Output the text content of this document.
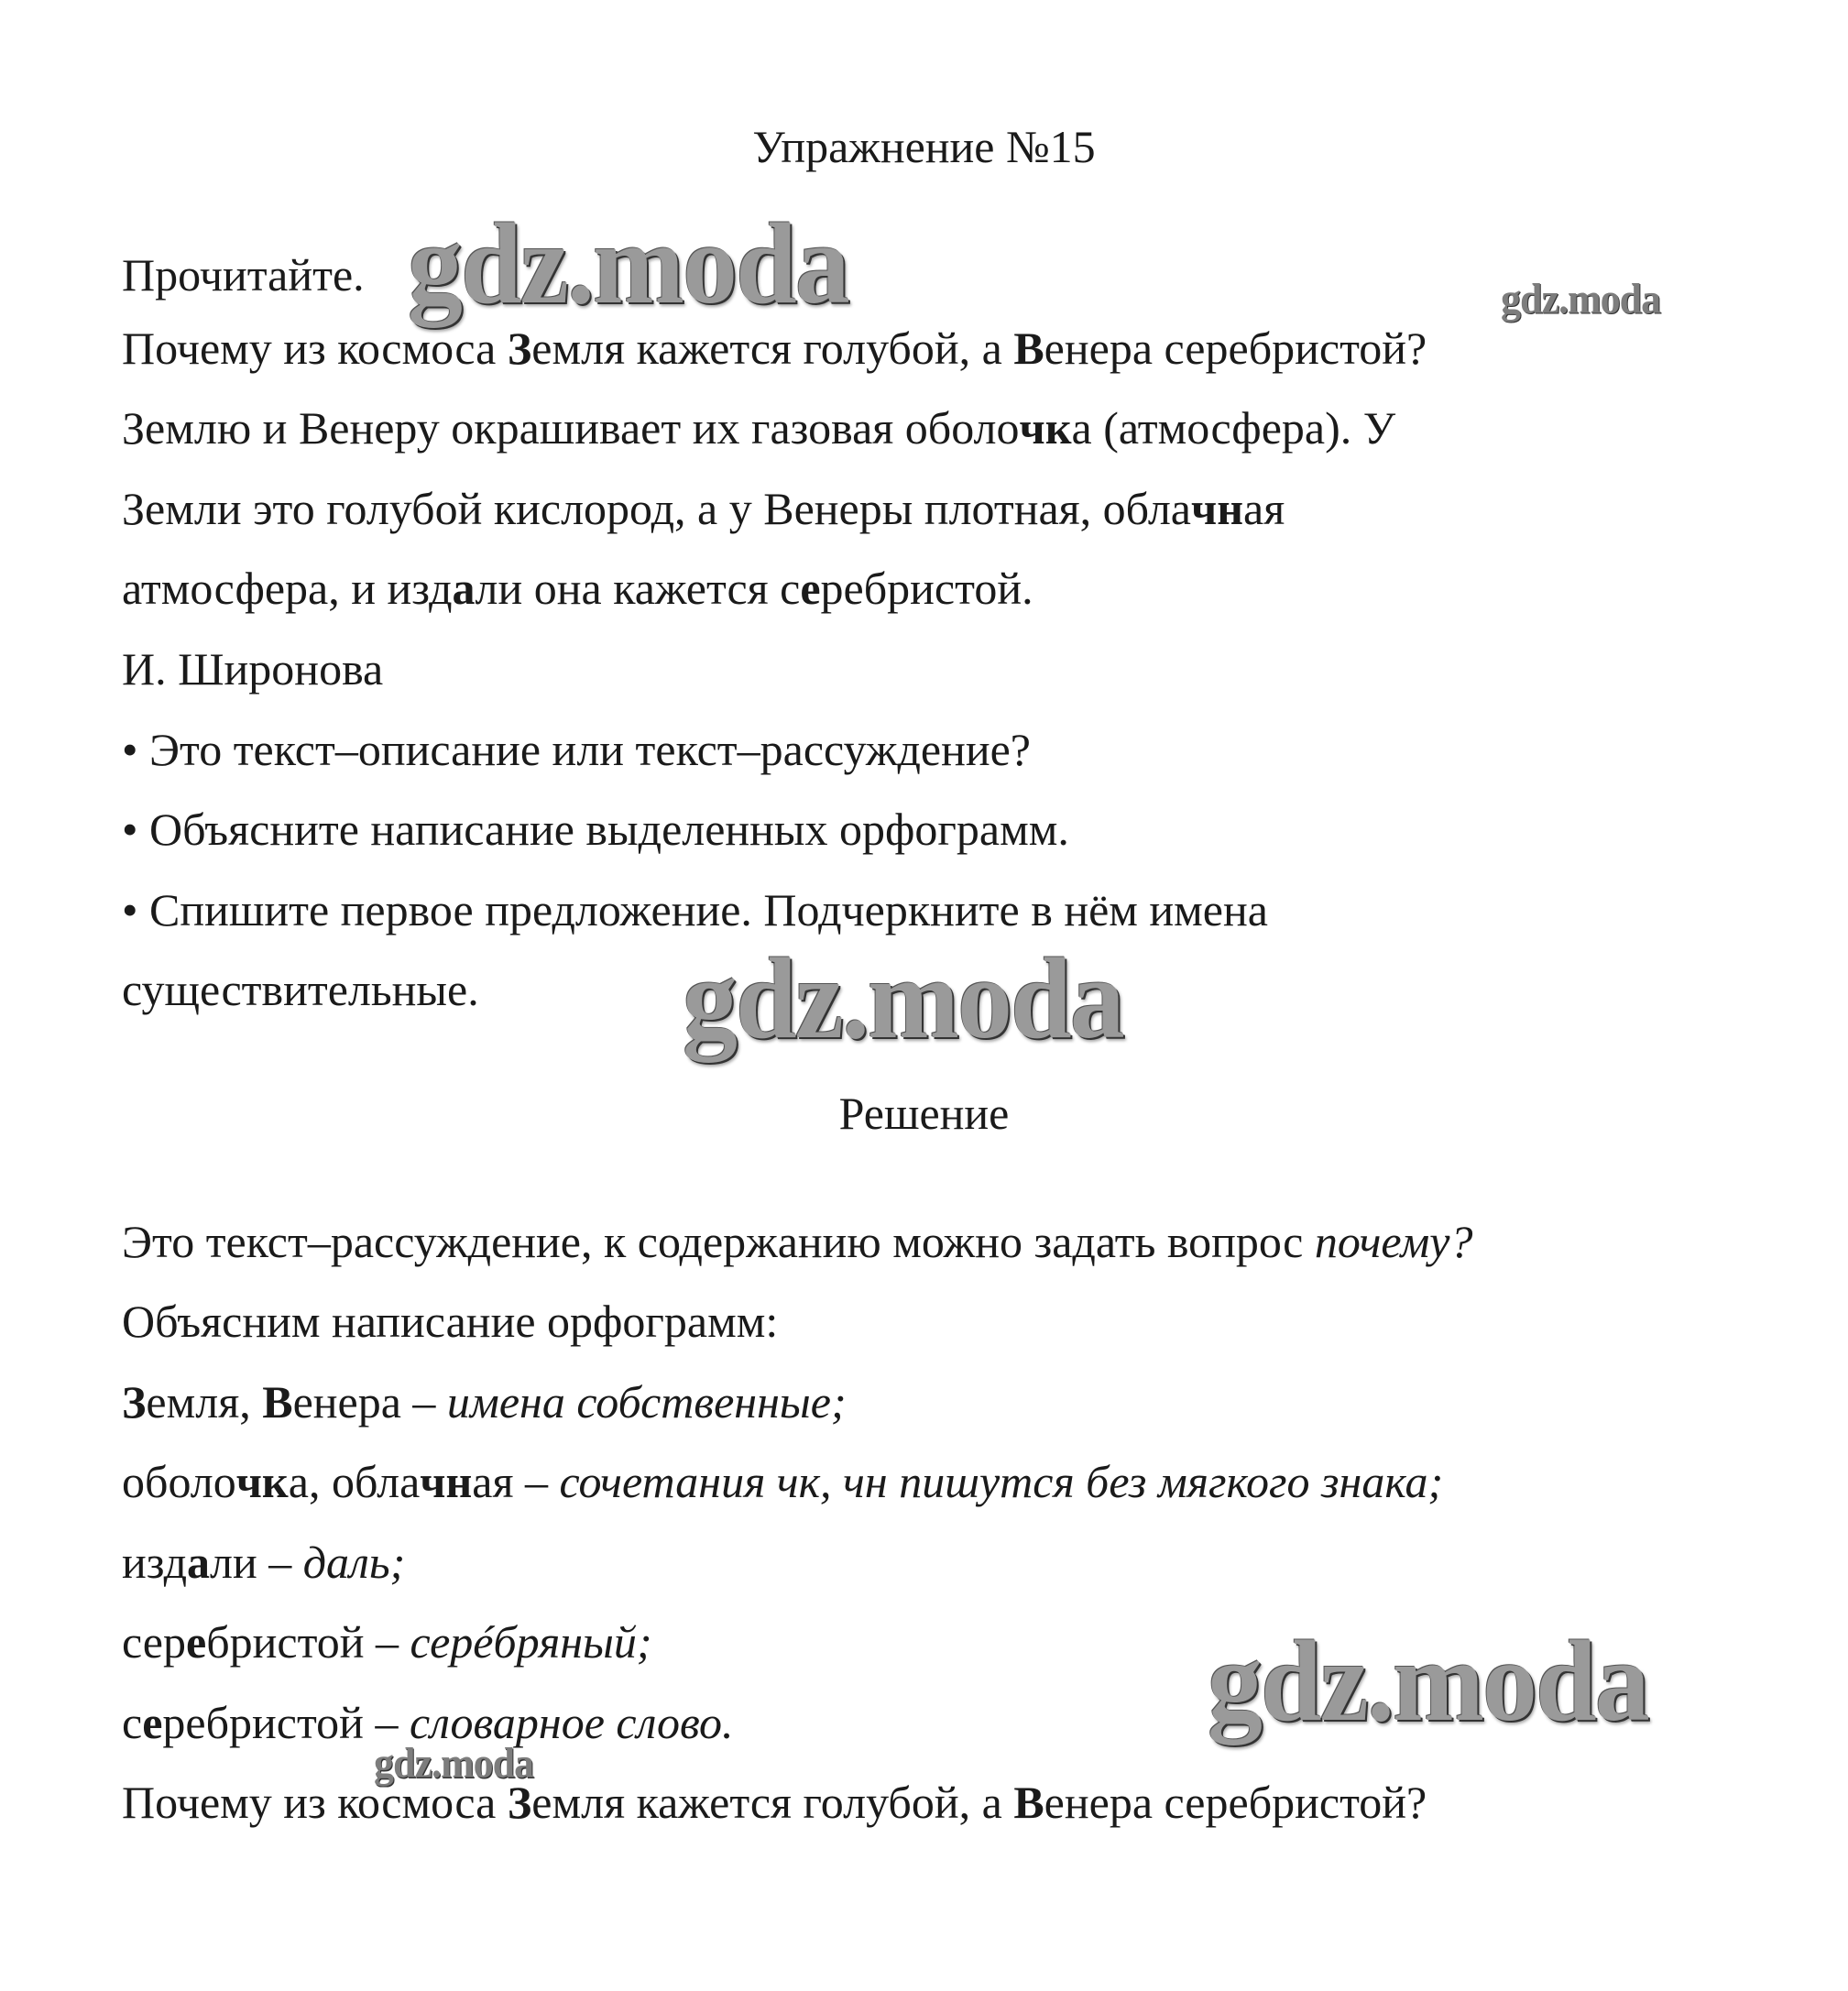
Упражнение №15

Прочитайте.

Почему из космоса Земля кажется голубой, а Венера серебристой?

Землю и Венеру окрашивает их газовая оболочка (атмосфера). У

Земли это голубой кислород, а у Венеры плотная, облачная

атмосфера, и издали она кажется серебристой.

И. Широнова

• Это текст–описание или текст–рассуждение?

• Объясните написание выделенных орфограмм.

• Спишите первое предложение. Подчеркните в нём имена

существительные.

Решение

Это текст–рассуждение, к содержанию можно задать вопрос почему?

Объясним написание орфограмм:

Земля, Венера – имена собственные;

оболочка, облачная – сочетания чк, чн пишутся без мягкого знака;

издали – даль;

серебристой – серéбряный;

серебристой – словарное слово.

Почему из космоса Земля кажется голубой, а Венера серебристой?

gdz.moda	gdz.moda
gdz.moda
gdz.moda
gdz.moda
